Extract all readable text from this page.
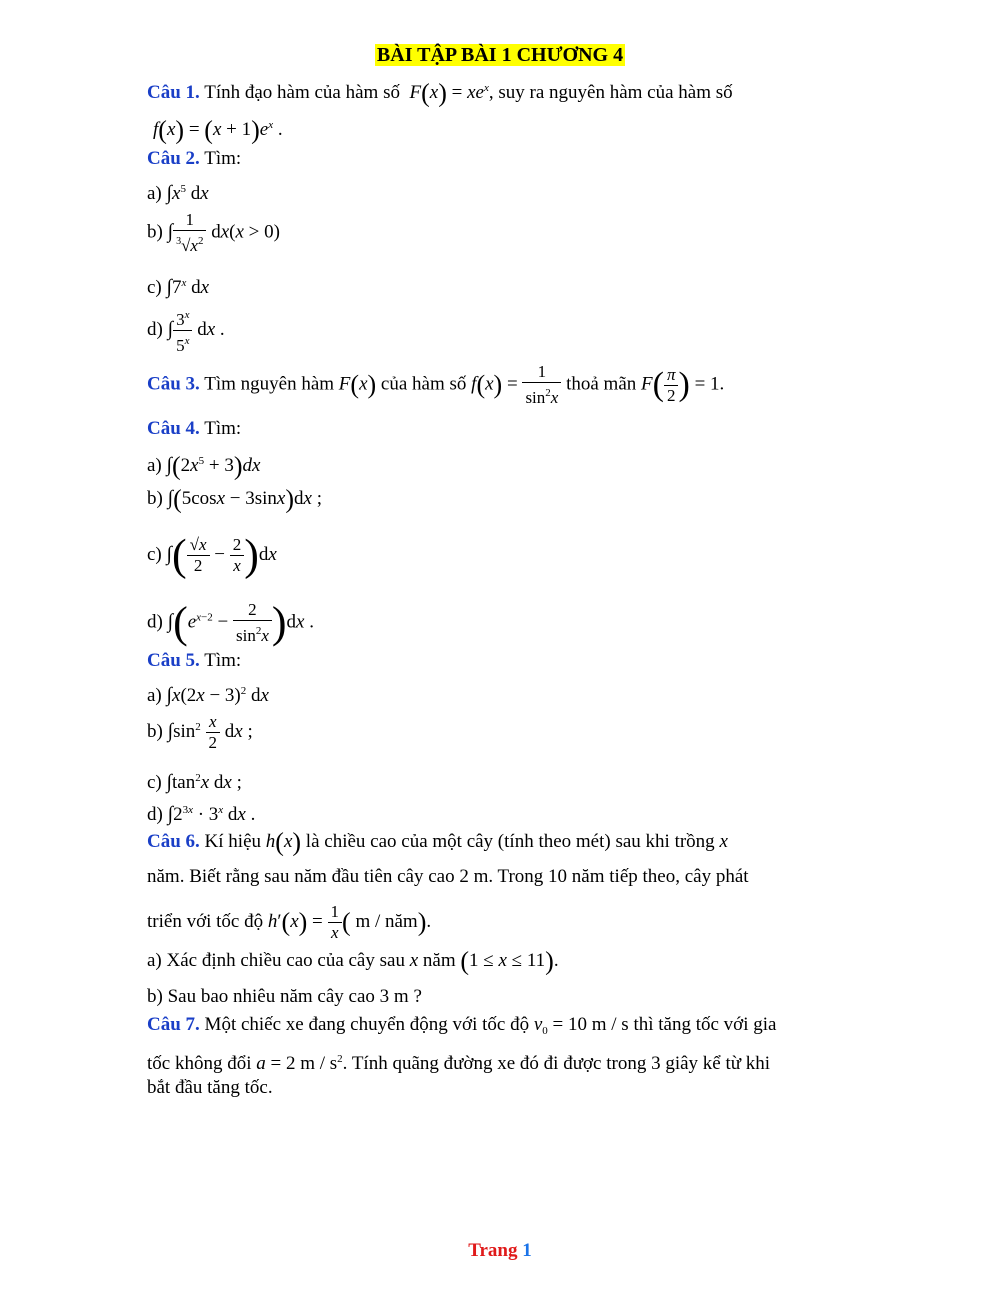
BÀI TẬP BÀI 1 CHƯƠNG 4
Câu 1. Tính đạo hàm của hàm số $F(x) = xe^x$, suy ra nguyên hàm của hàm số
$f(x) = (x + 1)e^x$ .
Câu 2. Tìm:
a) $\int x^5$ dx
b) ∫ $\frac{1}{^3√x^2} dx(x > 0)$
c) ∫7$^x$ dx
d) ∫ $\frac{3^x}{5^x}$ dx .
Câu 3. Tìm nguyên hàm F(x) của hàm số $f(x) = \frac{1}{\sin^2x}$ thoả mãn $F( \frac{\pi}{2}$ ) = 1.
Câu 4. Tìm:
a) $\int(2x^5 + 3)dx$
b) ∫(5cosx − 3sinx)dx ;
c) ∫( $\frac{√x}{2} - \frac{2}{x} )dx$
d) $\int(e^{x-2} - \frac{2}{\sin^2x} )dx$ .
Câu 5. Tìm:
a) $\int x(2x - 3)^2$ dx
b) $\int\sin^2 \frac{x}{2}$ dx ;
c) $\int\tan^2x$ dx ;
d) $\int 2^{3x} \cdot 3^x$ dx .
Câu 6. Kí hiệu h(x) là chiều cao của một cây (tính theo mét) sau khi trồng x
năm. Biết rằng sau năm đầu tiên cây cao 2 m. Trong 10 năm tiếp theo, cây phát
triển với tốc độ $h'(x) = \frac{1}{x}$ ( m / năm).
a) Xác định chiều cao của cây sau x năm (1 ≤ x ≤ 11).
b) Sau bao nhiêu năm cây cao 3 m ?
Câu 7. Một chiếc xe đang chuyển động với tốc độ $v_0 = 10$ m / s thì tăng tốc với gia
tốc không đổi a = 2 m / $s^2$. Tính quãng đường xe đó đi được trong 3 giây kể từ khi
bắt đầu tăng tốc.
Trang 1
